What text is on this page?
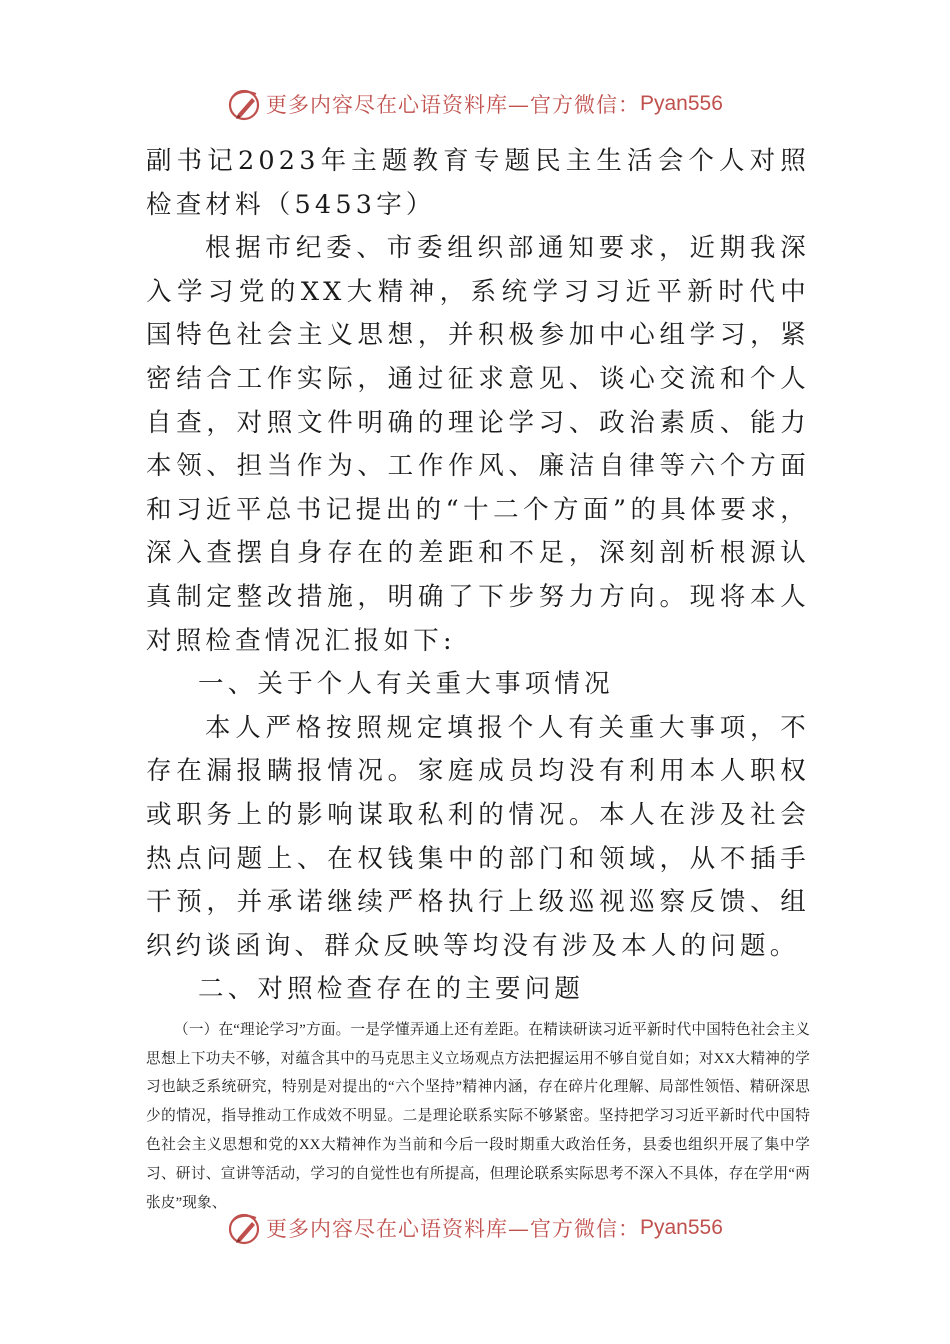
更多内容尽在心语资料库—官方微信： Pyan556

副书记2023年主题教育专题民主生活会个人对照检查材料（5453字）

根据市纪委、市委组织部通知要求，近期我深入学习党的XX大精神，系统学习习近平新时代中国特色社会主义思想，并积极参加中心组学习，紧密结合工作实际，通过征求意见、谈心交流和个人自查，对照文件明确的理论学习、政治素质、能力本领、担当作为、工作作风、廉洁自律等六个方面和习近平总书记提出的“十二个方面”的具体要求，深入查摆自身存在的差距和不足，深刻剖析根源认真制定整改措施，明确了下步努力方向。现将本人对照检查情况汇报如下:

一、关于个人有关重大事项情况

本人严格按照规定填报个人有关重大事项，不存在漏报瞒报情况。家庭成员均没有利用本人职权或职务上的影响谋取私利的情况。本人在涉及社会热点问题上、在权钱集中的部门和领域，从不插手干预，并承诺继续严格执行上级巡视巡察反馈、组织约谈函询、群众反映等均没有涉及本人的问题。

二、对照检查存在的主要问题

（一）在“理论学习”方面。一是学懂弄通上还有差距。在精读研读习近平新时代中国特色社会主义思想上下功夫不够，对蕴含其中的马克思主义立场观点方法把握运用不够自觉自如；对XX大精神的学习也缺乏系统研究，特别是对提出的“六个坚持”精神内涵，存在碎片化理解、局部性领悟、精研深思少的情况，指导推动工作成效不明显。二是理论联系实际不够紧密。坚持把学习习近平新时代中国特色社会主义思想和党的XX大精神作为当前和今后一段时期重大政治任务，县委也组织开展了集中学习、研讨、宣讲等活动，学习的自觉性也有所提高，但理论联系实际思考不深入不具体，存在学用“两张皮”现象、

更多内容尽在心语资料库—官方微信： Pyan556
